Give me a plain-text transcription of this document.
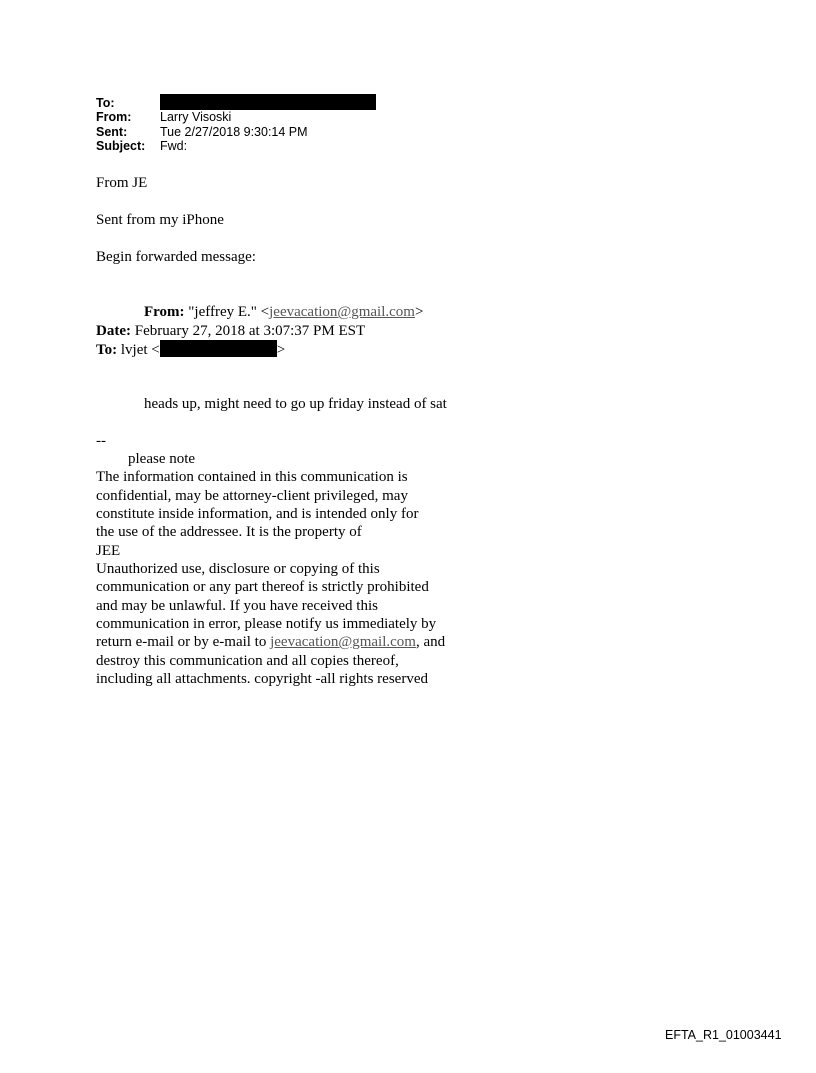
To:
From:	Larry Visoski
Sent:	Tue 2/27/2018 9:30:14 PM
Subject:	Fwd:
From JE
Sent from my iPhone
Begin forwarded message:
From: "jeffrey E." <jeevacation@gmail.com>
Date: February 27, 2018 at 3:07:37 PM EST
To: lvjet <	>
heads up, might need to go up friday instead of sat
--
please note
The information contained in this communication is
confidential, may be attorney-client privileged, may
constitute inside information, and is intended only for
the use of the addressee. It is the property of
JEE
Unauthorized use, disclosure or copying of this
communication or any part thereof is strictly prohibited
and may be unlawful. If you have received this
communication in error, please notify us immediately by
return e-mail or by e-mail to jeevacation@gmail.com, and
destroy this communication and all copies thereof,
including all attachments. copyright -all rights reserved
EFTA_R1_01003441
